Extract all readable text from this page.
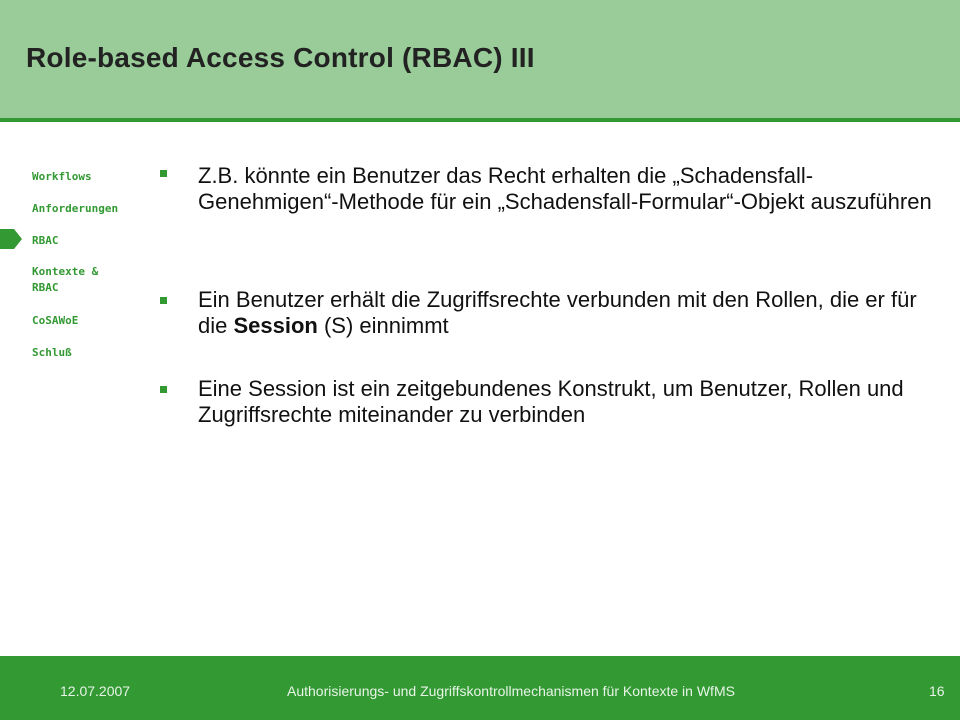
Role-based Access Control (RBAC) III
Workflows
Anforderungen
RBAC
Kontexte & RBAC
CoSAWoE
Schluß
Z.B. könnte ein Benutzer das Recht erhalten die „Schadensfall-Genehmigen“-Methode für ein „Schadensfall-Formular“-Objekt auszuführen
Ein Benutzer erhält die Zugriffsrechte verbunden mit den Rollen, die er für die Session (S) einnimmt
Eine Session ist ein zeitgebundenes Konstrukt, um Benutzer, Rollen und Zugriffsrechte miteinander zu verbinden
12.07.2007	Authorisierungs- und Zugriffskontrollmechanismen für Kontexte in WfMS	16
